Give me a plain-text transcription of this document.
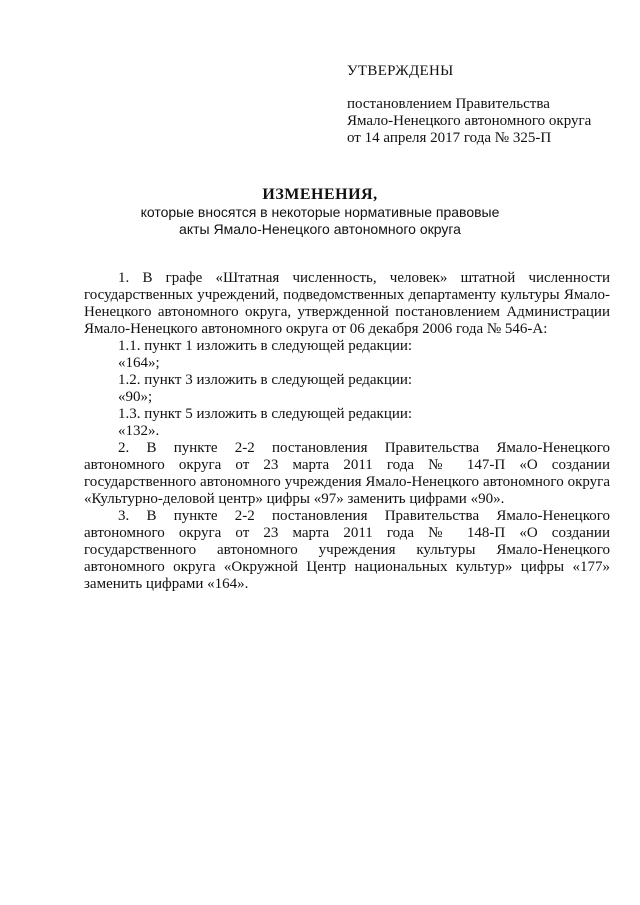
УТВЕРЖДЕНЫ
постановлением Правительства
Ямало-Ненецкого автономного округа
от 14 апреля 2017 года № 325-П
ИЗМЕНЕНИЯ,
которые вносятся в некоторые нормативные правовые
акты Ямало-Ненецкого автономного округа
1. В графе «Штатная численность, человек» штатной численности
государственных учреждений, подведомственных департаменту культуры Ямало-
Ненецкого автономного округа, утвержденной постановлением Администрации
Ямало-Ненецкого автономного округа от 06 декабря 2006 года № 546-А:
1.1. пункт 1 изложить в следующей редакции:
«164»;
1.2. пункт 3 изложить в следующей редакции:
«90»;
1.3. пункт 5 изложить в следующей редакции:
«132».
2. В пункте 2-2 постановления Правительства Ямало-Ненецкого
автономного округа от 23 марта 2011 года № 147-П «О создании
государственного автономного учреждения Ямало-Ненецкого автономного округа
«Культурно-деловой центр» цифры «97» заменить цифрами «90».
3. В пункте 2-2 постановления Правительства Ямало-Ненецкого
автономного округа от 23 марта 2011 года № 148-П «О создании
государственного автономного учреждения культуры Ямало-Ненецкого
автономного округа «Окружной Центр национальных культур» цифры «177»
заменить цифрами «164».
